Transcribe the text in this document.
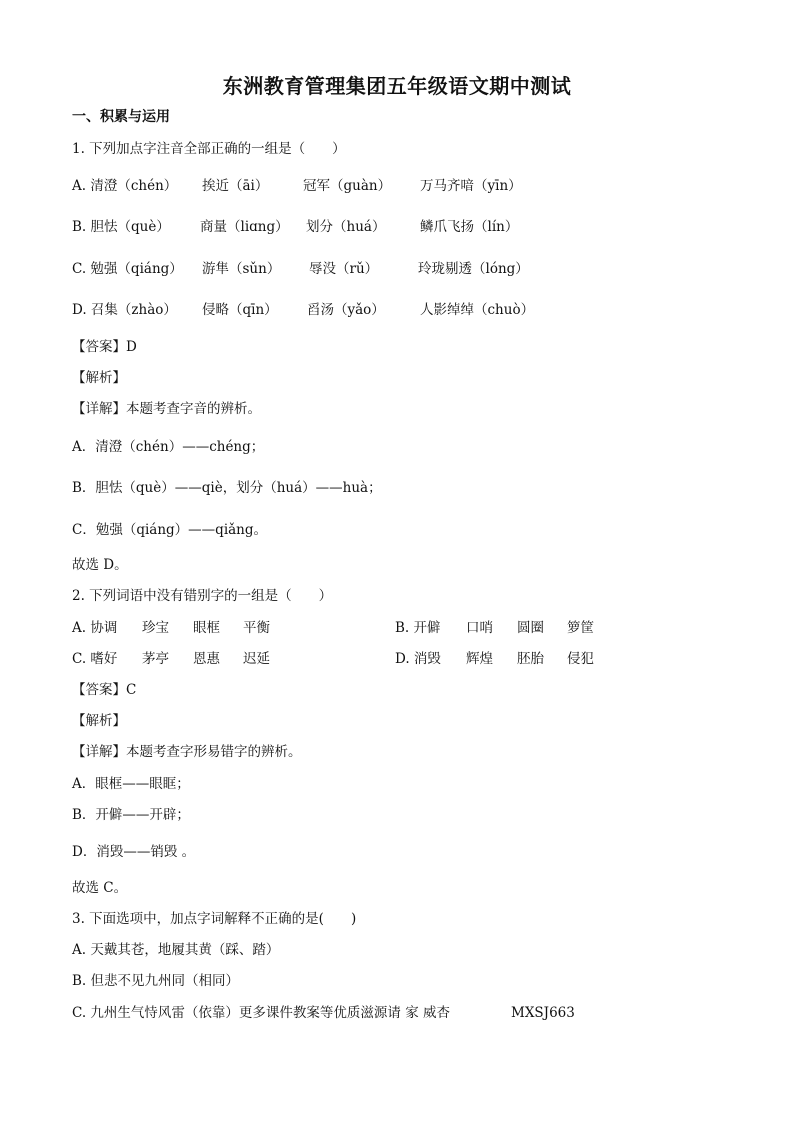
东洲教育管理集团五年级语文期中测试
一、积累与运用
1. 下列加点字注音全部正确的一组是（　　）
A. 清澄（chén） 挨近（āi）	冠军（guàn） 万马齐喑（yīn）
B. 胆怯（què） 商量（liɑng） 划分（huá）	鳞爪飞扬（lín）
C. 勉强（qiáng） 游隼（sǔn） 辱没（rǔ）	玲珑剔透（lóng）
D. 召集（zhào） 侵略（qīn） 舀汤（yǎo）	人影绰绰（chuò）
【答案】D
【解析】
【详解】本题考查字音的辨析。
A．清澄（chén）——chéng；
B．胆怯（què）——qiè，划分（huá）——huà；
C．勉强（qiáng）——qiǎng。
故选 D。
2. 下列词语中没有错别字的一组是（　　）
A. 协调 珍宝 眼框 平衡	B. 开僻 口哨 圆圈 箩筐
C. 嗜好 茅亭 恩惠 迟延	D. 消毁 辉煌 胚胎 侵犯
【答案】C
【解析】
【详解】本题考查字形易错字的辨析。
A．眼框——眼眶；
B．开僻——开辟；
D．消毁——销毁 。
故选 C。
3. 下面选项中，加点字词解释不正确的是(　　)
A. 天戴其苍，地履其黄（踩、踏）
B. 但悲不见九州同（相同）
C. 九州生气恃风雷（依靠）更多课件教案等优质滋源请 家 威杏	MXSJ663
